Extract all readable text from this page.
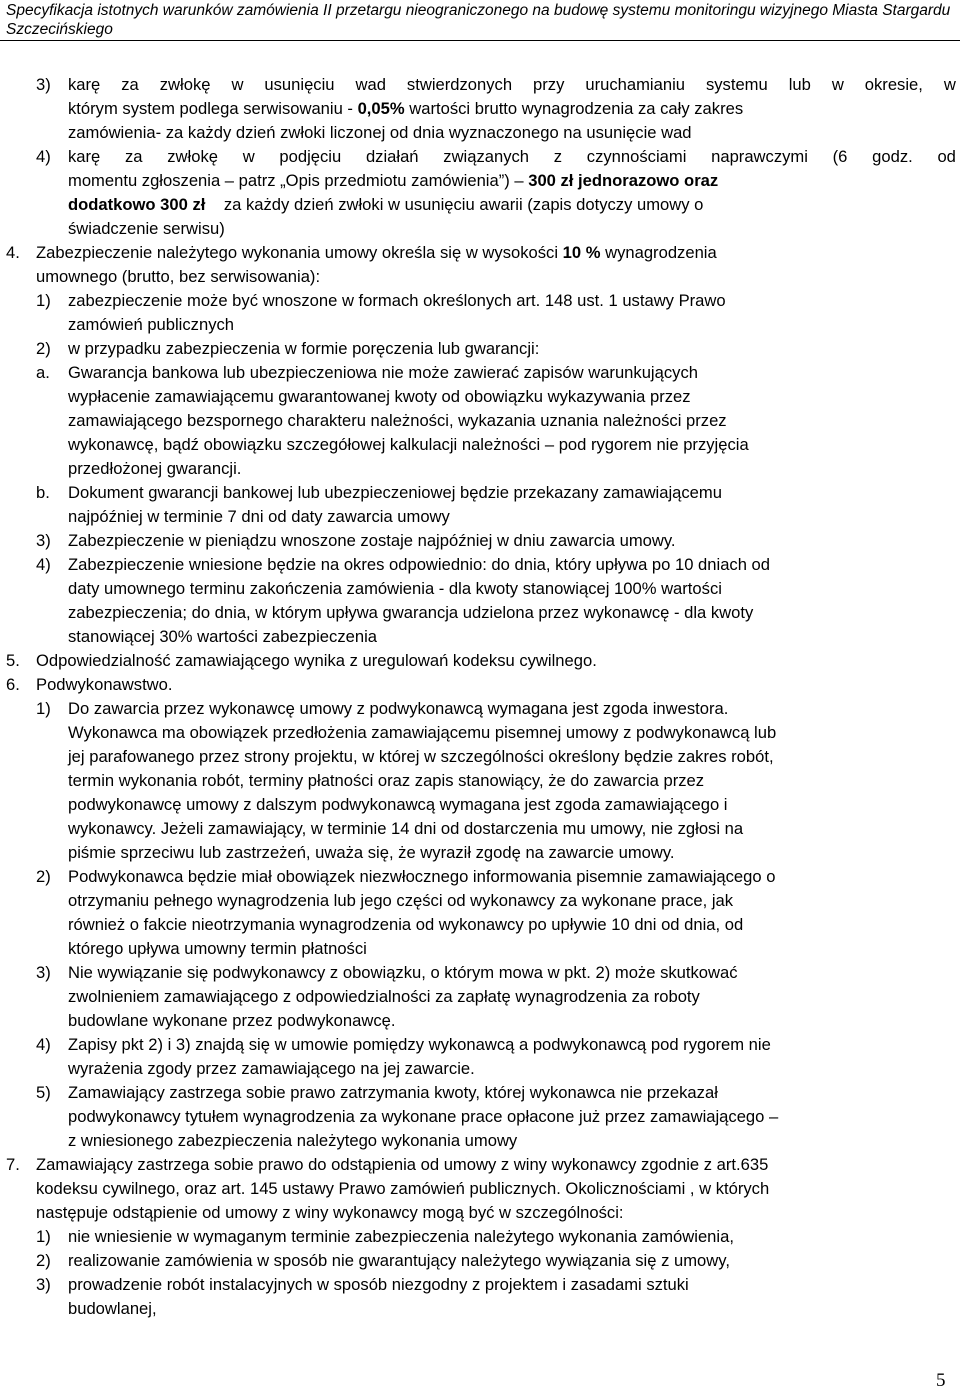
Specyfikacja istotnych warunków zamówienia II przetargu nieograniczonego na budowę systemu monitoringu wizyjnego Miasta Stargardu Szczecińskiego
3) karę za zwłokę w usunięciu wad stwierdzonych przy uruchamianiu systemu lub w okresie, w
którym system podlega serwisowaniu - 0,05% wartości brutto wynagrodzenia za cały zakres
zamówienia- za każdy dzień zwłoki liczonej od dnia wyznaczonego na usunięcie wad
4) karę za zwłokę w podjęciu działań związanych z czynnościami naprawczymi (6 godz. od
momentu zgłoszenia – patrz „Opis przedmiotu zamówienia”) – 300 zł jednorazowo oraz
dodatkowo 300 zł za każdy dzień zwłoki w usunięciu awarii (zapis dotyczy umowy o
świadczenie serwisu)
4. Zabezpieczenie należytego wykonania umowy określa się w wysokości 10 % wynagrodzenia
umownego (brutto, bez serwisowania):
1) zabezpieczenie może być wnoszone w formach określonych art. 148 ust. 1 ustawy Prawo
zamówień publicznych
2) w przypadku zabezpieczenia w formie poręczenia lub gwarancji:
a. Gwarancja bankowa lub ubezpieczeniowa nie może zawierać zapisów warunkujących
wypłacenie zamawiającemu gwarantowanej kwoty od obowiązku wykazywania przez
zamawiającego bezspornego charakteru należności, wykazania uznania należności przez
wykonawcę, bądź obowiązku szczegółowej kalkulacji należności – pod rygorem nie przyjęcia
przedłożonej gwarancji.
b. Dokument gwarancji bankowej lub ubezpieczeniowej będzie przekazany zamawiającemu
najpóźniej w terminie 7 dni od daty zawarcia umowy
3) Zabezpieczenie w pieniądzu wnoszone zostaje najpóźniej w dniu zawarcia umowy.
4) Zabezpieczenie wniesione będzie na okres odpowiednio: do dnia, który upływa po 10 dniach od
daty umownego terminu zakończenia zamówienia - dla kwoty stanowiącej 100% wartości
zabezpieczenia; do dnia, w którym upływa gwarancja udzielona przez wykonawcę - dla kwoty
stanowiącej 30% wartości zabezpieczenia
5. Odpowiedzialność zamawiającego wynika z uregulowań kodeksu cywilnego.
6. Podwykonawstwo.
1) Do zawarcia przez wykonawcę umowy z podwykonawcą wymagana jest zgoda inwestora.
Wykonawca ma obowiązek przedłożenia zamawiającemu pisemnej umowy z podwykonawcą lub
jej parafowanego przez strony projektu, w której w szczególności określony będzie zakres robót,
termin wykonania robót, terminy płatności oraz zapis stanowiący, że do zawarcia przez
podwykonawcę umowy z dalszym podwykonawcą wymagana jest zgoda zamawiającego i
wykonawcy. Jeżeli zamawiający, w terminie 14 dni od dostarczenia mu umowy, nie zgłosi na
piśmie sprzeciwu lub zastrzeżeń, uważa się, że wyraził zgodę na zawarcie umowy.
2) Podwykonawca będzie miał obowiązek niezwłocznego informowania pisemnie zamawiającego o
otrzymaniu pełnego wynagrodzenia lub jego części od wykonawcy za wykonane prace, jak
również o fakcie nieotrzymania wynagrodzenia od wykonawcy po upływie 10 dni od dnia, od
którego upływa umowny termin płatności
3) Nie wywiązanie się podwykonawcy z obowiązku, o którym mowa w pkt. 2) może skutkować
zwolnieniem zamawiającego z odpowiedzialności za zapłatę wynagrodzenia za roboty
budowlane wykonane przez podwykonawcę.
4) Zapisy pkt 2) i 3) znajdą się w umowie pomiędzy wykonawcą a podwykonawcą pod rygorem nie
wyrażenia zgody przez zamawiającego na jej zawarcie.
5) Zamawiający zastrzega sobie prawo zatrzymania kwoty, której wykonawca nie przekazał
podwykonawcy tytułem wynagrodzenia za wykonane prace opłacone już przez zamawiającego –
z wniesionego zabezpieczenia należytego wykonania umowy
7. Zamawiający zastrzega sobie prawo do odstąpienia od umowy z winy wykonawcy zgodnie z art.635
kodeksu cywilnego, oraz art. 145 ustawy Prawo zamówień publicznych. Okolicznościami , w których
następuje odstąpienie od umowy z winy wykonawcy mogą być w szczególności:
1) nie wniesienie w wymaganym terminie zabezpieczenia należytego wykonania zamówienia,
2) realizowanie zamówienia w sposób nie gwarantujący należytego wywiązania się z umowy,
3) prowadzenie robót instalacyjnych w sposób niezgodny z projektem i zasadami sztuki
budowlanej,
5
